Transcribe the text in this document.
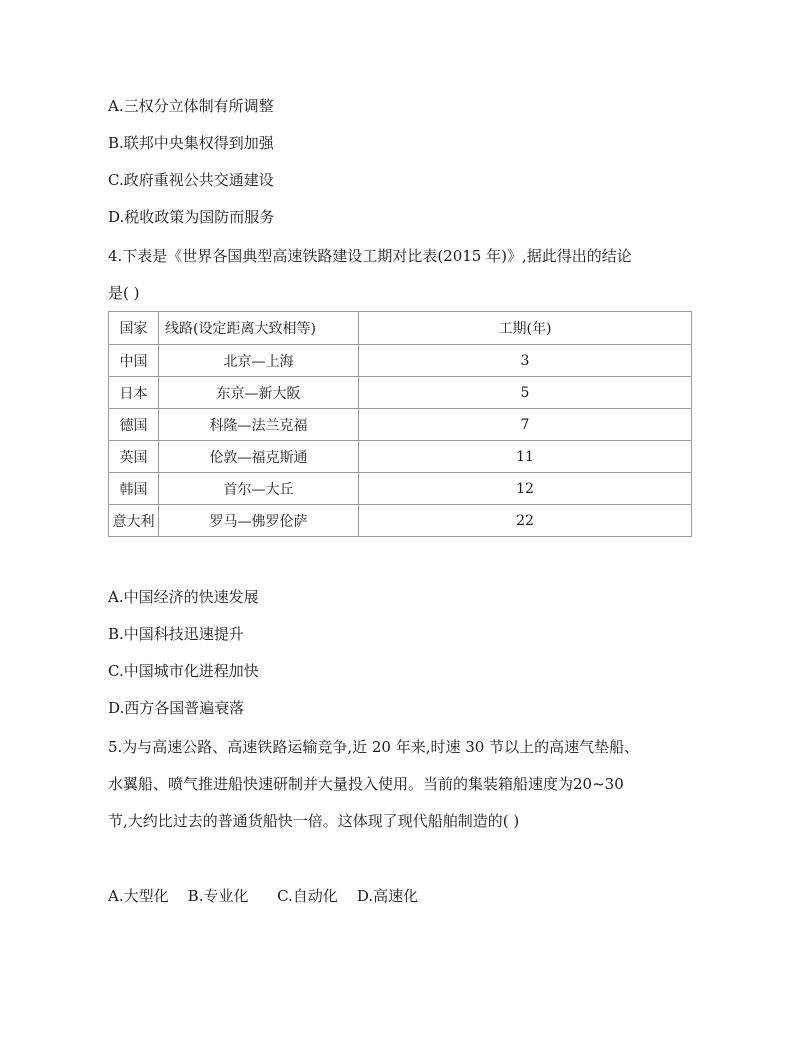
A.三权分立体制有所调整
B.联邦中央集权得到加强
C.政府重视公共交通建设
D.税收政策为国防而服务
4.下表是《世界各国典型高速铁路建设工期对比表(2015 年)》,据此得出的结论
是( )
国家	线路(设定距离大致相等)	工期(年)
中国	北京—上海	3
日本	东京—新大阪	5
德国	科隆—法兰克福	7
英国	伦敦—福克斯通	11
韩国	首尔—大丘	12
意大利	罗马—佛罗伦萨	22
A.中国经济的快速发展
B.中国科技迅速提升
C.中国城市化进程加快
D.西方各国普遍衰落
5.为与高速公路、高速铁路运输竞争,近 20 年来,时速 30 节以上的高速气垫船、
水翼船、喷气推进船快速研制并大量投入使用。当前的集装箱船速度为20~30
节,大约比过去的普通货船快一倍。这体现了现代船舶制造的( )
A.大型化    B.专业化      C.自动化    D.高速化
